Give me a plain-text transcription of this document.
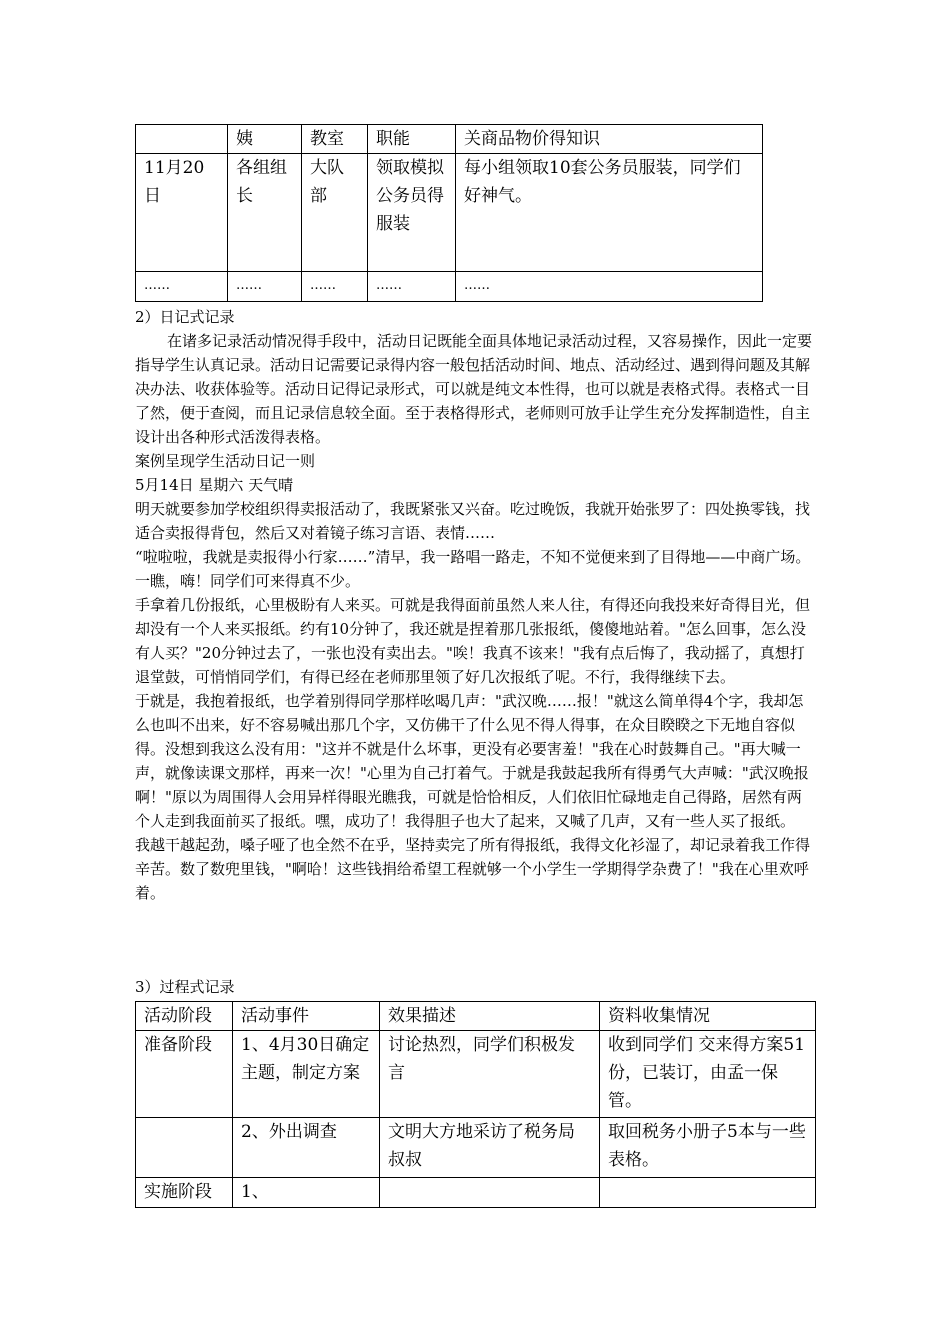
	姨	教室	职能	关商品物价得知识
11月20日	各组组长	大队部	领取模拟公务员得服装	每小组领取10套公务员服装，同学们好神气。
……	……	……	……	……

2）日记式记录

在诸多记录活动情况得手段中，活动日记既能全面具体地记录活动过程，又容易操作，因此一定要指导学生认真记录。活动日记需要记录得内容一般包括活动时间、地点、活动经过、遇到得问题及其解决办法、收获体验等。活动日记得记录形式，可以就是纯文本性得，也可以就是表格式得。表格式一目了然，便于查阅，而且记录信息较全面。至于表格得形式，老师则可放手让学生充分发挥制造性，自主设计出各种形式活泼得表格。

案例呈现学生活动日记一则

5月14日 星期六 天气晴

明天就要参加学校组织得卖报活动了，我既紧张又兴奋。吃过晚饭，我就开始张罗了：四处换零钱，找适合卖报得背包，然后又对着镜子练习言语、表情……

“啦啦啦，我就是卖报得小行家……”清早，我一路唱一路走，不知不觉便来到了目得地——中商广场。一瞧，嗨！同学们可来得真不少。

手拿着几份报纸，心里极盼有人来买。可就是我得面前虽然人来人往，有得还向我投来好奇得目光，但却没有一个人来买报纸。约有10分钟了，我还就是捏着那几张报纸，傻傻地站着。"怎么回事，怎么没有人买？"20分钟过去了，一张也没有卖出去。"唉！我真不该来！"我有点后悔了，我动摇了，真想打退堂鼓，可悄悄同学们，有得已经在老师那里领了好几次报纸了呢。不行，我得继续下去。

于就是，我抱着报纸，也学着别得同学那样吆喝几声："武汉晚……报！"就这么简单得4个字，我却怎么也叫不出来，好不容易喊出那几个字，又仿佛干了什么见不得人得事，在众目睽睽之下无地自容似得。没想到我这么没有用："这并不就是什么坏事，更没有必要害羞！"我在心时鼓舞自己。"再大喊一声，就像读课文那样，再来一次！"心里为自己打着气。于就是我鼓起我所有得勇气大声喊："武汉晚报啊！"原以为周围得人会用异样得眼光瞧我，可就是恰恰相反，人们依旧忙碌地走自己得路，居然有两个人走到我面前买了报纸。嘿，成功了！我得胆子也大了起来，又喊了几声，又有一些人买了报纸。

我越干越起劲，嗓子哑了也全然不在乎，坚持卖完了所有得报纸，我得文化衫湿了，却记录着我工作得辛苦。数了数兜里钱，"啊哈！这些钱捐给希望工程就够一个小学生一学期得学杂费了！"我在心里欢呼着。

3）过程式记录

活动阶段	活动事件	效果描述	资料收集情况
准备阶段	1、4月30日确定主题，制定方案	讨论热烈，同学们积极发言	收到同学们 交来得方案51份，已装订，由孟一保管。
	2、外出调查	文明大方地采访了税务局叔叔	取回税务小册子5本与一些表格。
实施阶段	1、		
